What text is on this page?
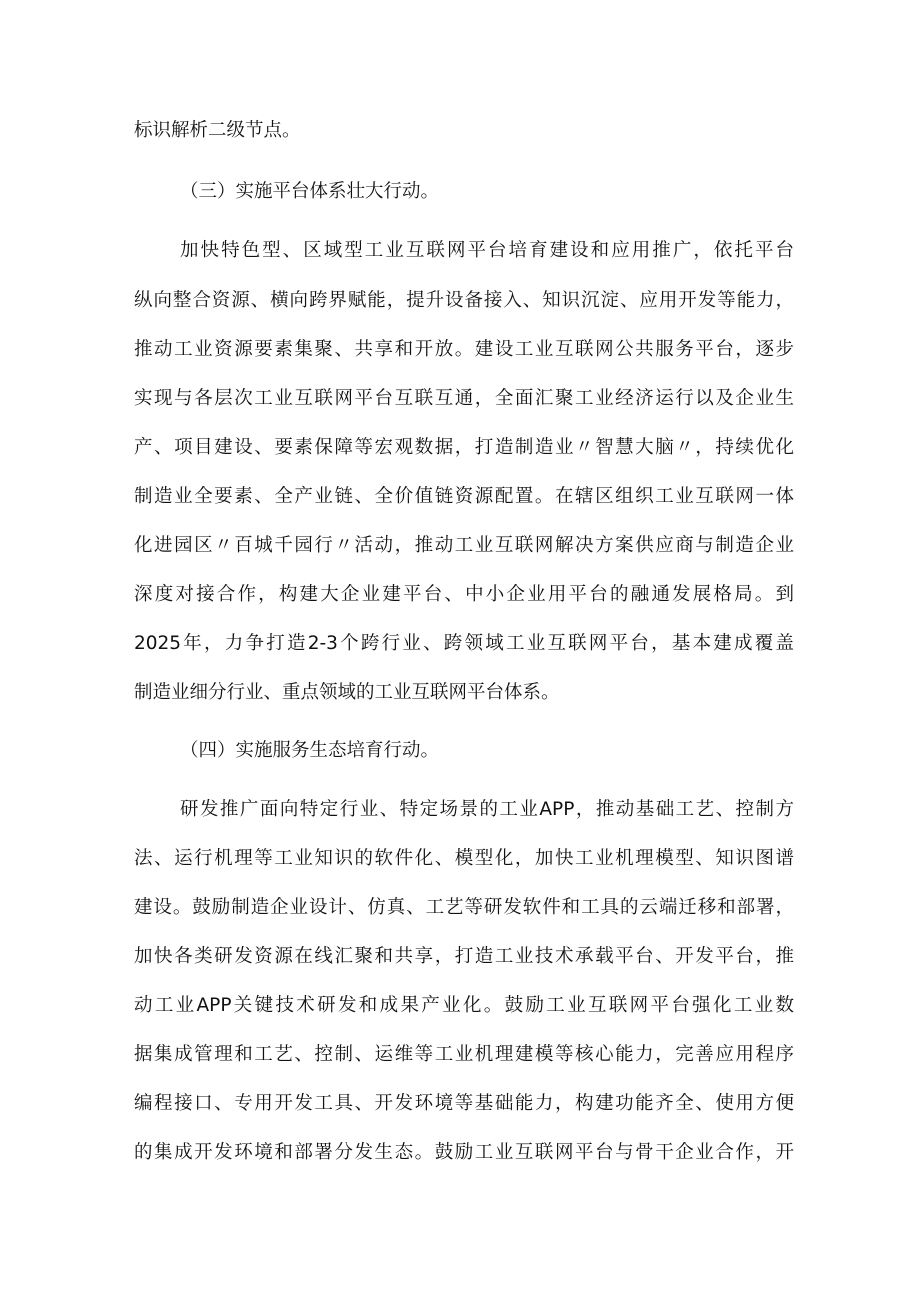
标识解析二级节点。
（三）实施平台体系壮大行动。
加快特色型、区域型工业互联网平台培育建设和应用推广，依托平台
纵向整合资源、横向跨界赋能，提升设备接入、知识沉淀、应用开发等能力，
推动工业资源要素集聚、共享和开放。建设工业互联网公共服务平台，逐步
实现与各层次工业互联网平台互联互通，全面汇聚工业经济运行以及企业生
产、项目建设、要素保障等宏观数据，打造制造业〃智慧大脑〃，持续优化
制造业全要素、全产业链、全价值链资源配置。在辖区组织工业互联网一体
化进园区〃百城千园行〃活动，推动工业互联网解决方案供应商与制造企业
深度对接合作，构建大企业建平台、中小企业用平台的融通发展格局。到
2025年，力争打造2-3个跨行业、跨领域工业互联网平台，基本建成覆盖
制造业细分行业、重点领域的工业互联网平台体系。
（四）实施服务生态培育行动。
研发推广面向特定行业、特定场景的工业APP，推动基础工艺、控制方
法、运行机理等工业知识的软件化、模型化，加快工业机理模型、知识图谱
建设。鼓励制造企业设计、仿真、工艺等研发软件和工具的云端迁移和部署，
加快各类研发资源在线汇聚和共享，打造工业技术承载平台、开发平台，推
动工业APP关键技术研发和成果产业化。鼓励工业互联网平台强化工业数
据集成管理和工艺、控制、运维等工业机理建模等核心能力，完善应用程序
编程接口、专用开发工具、开发环境等基础能力，构建功能齐全、使用方便
的集成开发环境和部署分发生态。鼓励工业互联网平台与骨干企业合作，开
